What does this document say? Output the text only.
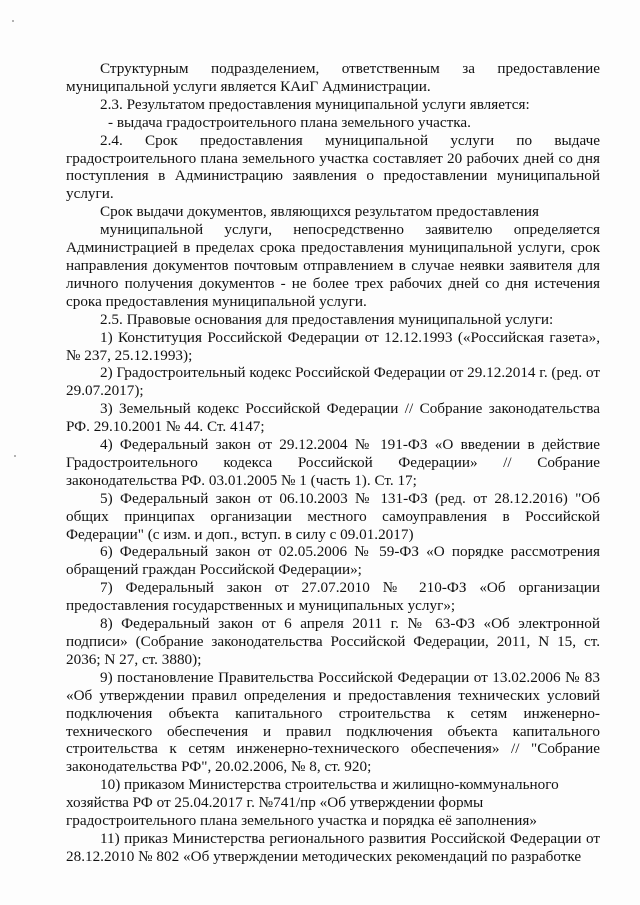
Структурным подразделением, ответственным за предоставление муниципальной услуги является КАиГ Администрации.

2.3. Результатом предоставления муниципальной услуги является:

- выдача градостроительного плана земельного участка.

2.4. Срок предоставления муниципальной услуги по выдаче градостроительного плана земельного участка составляет 20 рабочих дней со дня поступления в Администрацию заявления о предоставлении муниципальной услуги.

Срок выдачи документов, являющихся результатом предоставления

муниципальной услуги, непосредственно заявителю определяется Администрацией в пределах срока предоставления муниципальной услуги, срок направления документов почтовым отправлением в случае неявки заявителя для личного получения документов - не более трех рабочих дней со дня истечения срока предоставления муниципальной услуги.

2.5. Правовые основания для предоставления муниципальной услуги:

1) Конституция Российской Федерации от 12.12.1993 («Российская газета», № 237, 25.12.1993);

2) Градостроительный кодекс Российской Федерации от 29.12.2014 г. (ред. от 29.07.2017);

3) Земельный кодекс Российской Федерации // Собрание законодательства РФ. 29.10.2001 № 44. Ст. 4147;

4) Федеральный закон от 29.12.2004 № 191-ФЗ «О введении в действие Градостроительного кодекса Российской Федерации» // Собрание законодательства РФ. 03.01.2005 № 1 (часть 1). Ст. 17;

5) Федеральный закон от 06.10.2003 № 131-ФЗ (ред. от 28.12.2016) "Об общих принципах организации местного самоуправления в Российской Федерации" (с изм. и доп., вступ. в силу с 09.01.2017)

6) Федеральный закон от 02.05.2006 № 59-ФЗ «О порядке рассмотрения обращений граждан Российской Федерации»;

7) Федеральный закон от 27.07.2010 № 210-ФЗ «Об организации предоставления государственных и муниципальных услуг»;

8) Федеральный закон от 6 апреля 2011 г. № 63-ФЗ «Об электронной подписи» (Собрание законодательства Российской Федерации, 2011, N 15, ст. 2036; N 27, ст. 3880);

9) постановление Правительства Российской Федерации от 13.02.2006 № 83 «Об утверждении правил определения и предоставления технических условий подключения объекта капитального строительства к сетям инженерно-технического обеспечения и правил подключения объекта капитального строительства к сетям инженерно-технического обеспечения» // "Собрание законодательства РФ", 20.02.2006, № 8, ст. 920;

10) приказом Министерства строительства и жилищно-коммунального хозяйства РФ от 25.04.2017 г. №741/пр «Об утверждении формы градостроительного плана земельного участка и порядка её заполнения»

11) приказ Министерства регионального развития Российской Федерации от 28.12.2010 № 802 «Об утверждении методических рекомендаций по разработке
